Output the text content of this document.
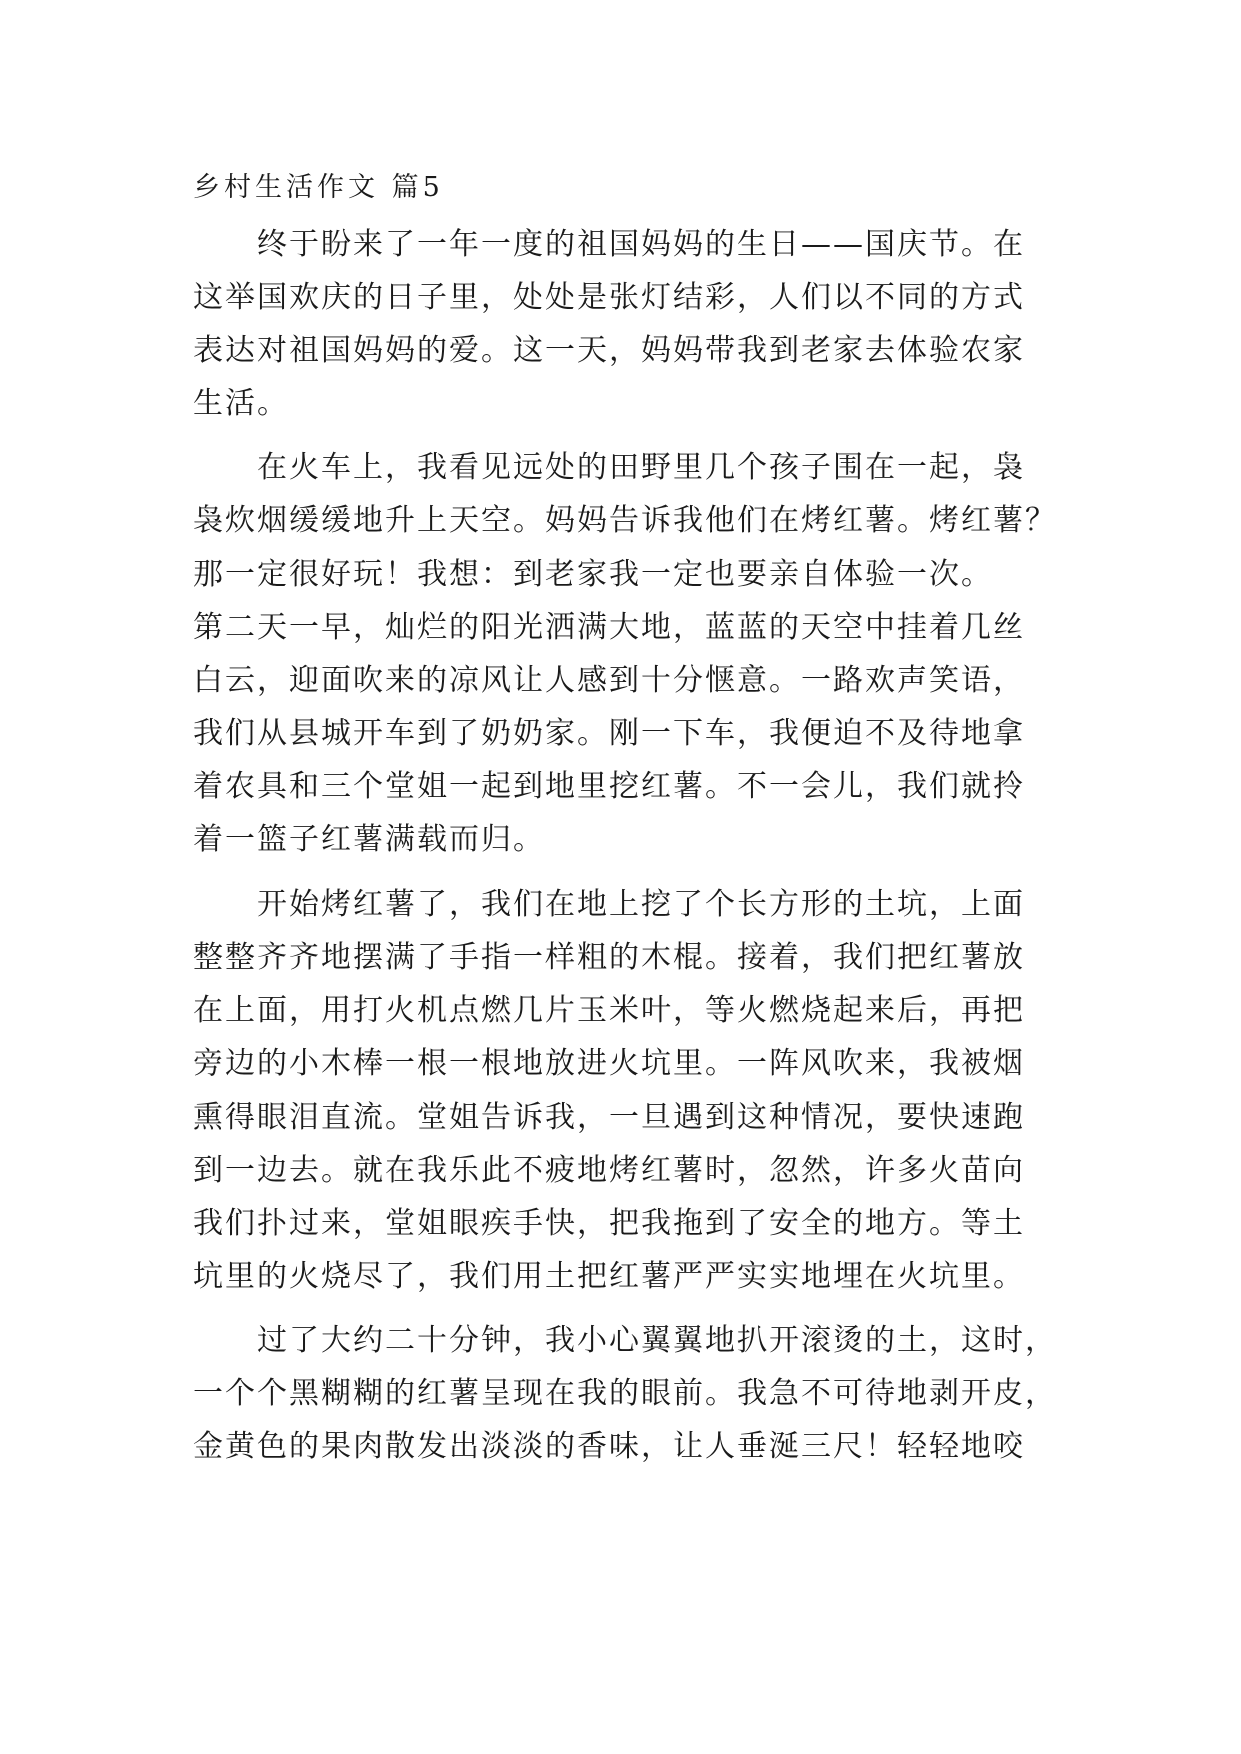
乡村生活作文 篇5
　　终于盼来了一年一度的祖国妈妈的生日——国庆节。在
这举国欢庆的日子里，处处是张灯结彩，人们以不同的方式
表达对祖国妈妈的爱。这一天，妈妈带我到老家去体验农家
生活。
　　在火车上，我看见远处的田野里几个孩子围在一起，袅
袅炊烟缓缓地升上天空。妈妈告诉我他们在烤红薯。烤红薯？
那一定很好玩！我想：到老家我一定也要亲自体验一次。
第二天一早，灿烂的阳光洒满大地，蓝蓝的天空中挂着几丝
白云，迎面吹来的凉风让人感到十分惬意。一路欢声笑语，
我们从县城开车到了奶奶家。刚一下车，我便迫不及待地拿
着农具和三个堂姐一起到地里挖红薯。不一会儿，我们就拎
着一篮子红薯满载而归。
　　开始烤红薯了，我们在地上挖了个长方形的土坑，上面
整整齐齐地摆满了手指一样粗的木棍。接着，我们把红薯放
在上面，用打火机点燃几片玉米叶，等火燃烧起来后，再把
旁边的小木棒一根一根地放进火坑里。一阵风吹来，我被烟
熏得眼泪直流。堂姐告诉我，一旦遇到这种情况，要快速跑
到一边去。就在我乐此不疲地烤红薯时，忽然，许多火苗向
我们扑过来，堂姐眼疾手快，把我拖到了安全的地方。等土
坑里的火烧尽了，我们用土把红薯严严实实地埋在火坑里。
　　过了大约二十分钟，我小心翼翼地扒开滚烫的土，这时，
一个个黑糊糊的红薯呈现在我的眼前。我急不可待地剥开皮，
金黄色的果肉散发出淡淡的香味，让人垂涎三尺！轻轻地咬
